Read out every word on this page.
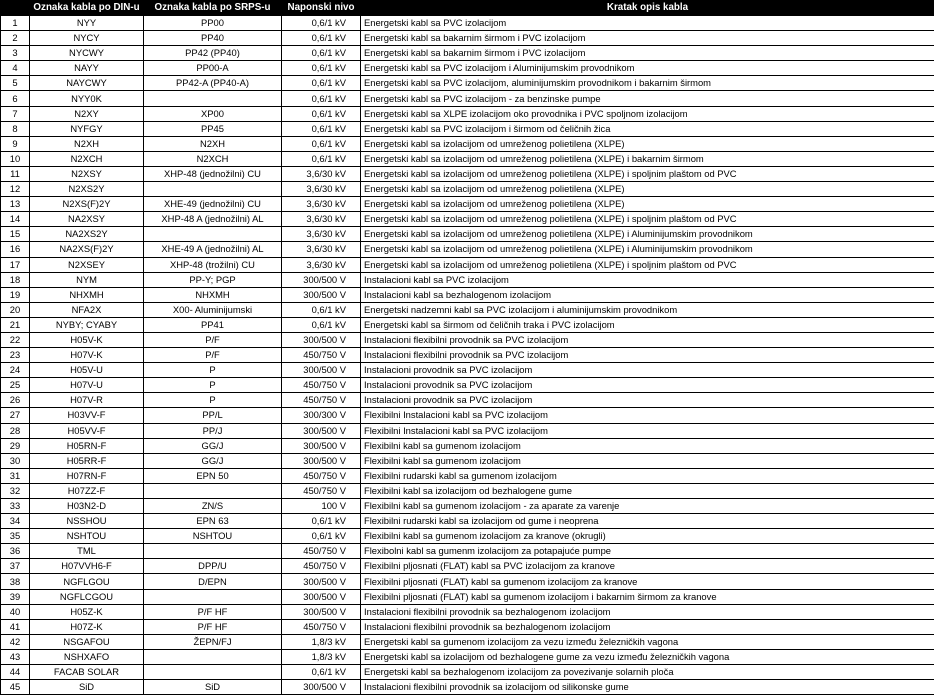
	Oznaka kabla po DIN-u	Oznaka kabla po SRPS-u	Naponski nivo	Kratak opis kabla
1	NYY	PP00	0,6/1 kV	Energetski kabl sa PVC izolacijom
2	NYCY	PP40	0,6/1 kV	Energetski kabl sa bakarnim širmom i PVC izolacijom
3	NYCWY	PP42 (PP40)	0,6/1 kV	Energetski kabl sa bakarnim širmom i PVC izolacijom
4	NAYY	PP00-A	0,6/1 kV	Energetski kabl sa PVC izolacijom i Aluminijumskim provodnikom
5	NAYCWY	PP42-A (PP40-A)	0,6/1 kV	Energetski kabl sa PVC izolacijom, aluminijumskim provodnikom i bakarnim širmom
6	NYY0K		0,6/1 kV	Energetski kabl sa PVC izolacijom - za benzinske pumpe
7	N2XY	XP00	0,6/1 kV	Energetski kabl sa XLPE izolacijom oko provodnika i PVC spoljnom izolacijom
8	NYFGY	PP45	0,6/1 kV	Energetski kabl sa PVC izolacijom i širmom od čeličnih žica
9	N2XH	N2XH	0,6/1 kV	Energetski kabl sa izolacijom od umreženog polietilena (XLPE)
10	N2XCH	N2XCH	0,6/1 kV	Energetski kabl sa izolacijom od umreženog polietilena (XLPE) i bakarnim širmom
11	N2XSY	XHP-48 (jednožilni) CU	3,6/30 kV	Energetski kabl sa izolacijom od umreženog polietilena (XLPE) i spoljnim plaštom od PVC
12	N2XS2Y		3,6/30 kV	Energetski kabl sa izolacijom od umreženog polietilena (XLPE)
13	N2XS(F)2Y	XHE-49 (jednožilni) CU	3,6/30 kV	Energetski kabl sa izolacijom od umreženog polietilena (XLPE)
14	NA2XSY	XHP-48 A (jednožilni) AL	3,6/30 kV	Energetski kabl sa izolacijom od umreženog polietilena (XLPE) i spoljnim plaštom od PVC
15	NA2XS2Y		3,6/30 kV	Energetski kabl sa izolacijom od umreženog polietilena (XLPE) i Aluminijumskim provodnikom
16	NA2XS(F)2Y	XHE-49 A (jednožilni) AL	3,6/30 kV	Energetski kabl sa izolacijom od umreženog polietilena (XLPE) i Aluminijumskim provodnikom
17	N2XSEY	XHP-48 (trožilni) CU	3,6/30 kV	Energetski kabl sa izolacijom od umreženog polietilena (XLPE) i spoljnim plaštom od PVC
18	NYM	PP-Y; PGP	300/500 V	Instalacioni kabl sa PVC izolacijom
19	NHXMH	NHXMH	300/500 V	Instalacioni kabl sa bezhalogenom izolacijom
20	NFA2X	X00- Aluminijumski	0,6/1 kV	Energetski nadzemni kabl sa PVC izolacijom i aluminijumskim provodnikom
21	NYBY; CYABY	PP41	0,6/1 kV	Energetski kabl sa širmom od čeličnih traka i PVC izolacijom
22	H05V-K	P/F	300/500 V	Instalacioni flexibilni provodnik sa PVC izolacijom
23	H07V-K	P/F	450/750 V	Instalacioni flexibilni provodnik sa PVC izolacijom
24	H05V-U	P	300/500 V	Instalacioni provodnik sa PVC izolacijom
25	H07V-U	P	450/750 V	Instalacioni provodnik sa PVC izolacijom
26	H07V-R	P	450/750 V	Instalacioni provodnik sa PVC izolacijom
27	H03VV-F	PP/L	300/300 V	Flexibilni Instalacioni kabl sa PVC izolacijom
28	H05VV-F	PP/J	300/500 V	Flexibilni Instalacioni kabl sa PVC izolacijom
29	H05RN-F	GG/J	300/500 V	Flexibilni kabl sa gumenom izolacijom
30	H05RR-F	GG/J	300/500 V	Flexibilni kabl sa gumenom izolacijom
31	H07RN-F	EPN 50	450/750 V	Flexibilni rudarski kabl sa gumenom izolacijom
32	H07ZZ-F		450/750 V	Flexibilni kabl sa izolacijom od bezhalogene gume
33	H03N2-D	ZN/S	100 V	Flexibilni kabl sa gumenom izolacijom - za aparate za varenje
34	NSSHOU	EPN 63	0,6/1 kV	Flexibilni rudarski kabl sa izolacijom od gume i neoprena
35	NSHTOU	NSHTOU	0,6/1 kV	Flexibilni kabl sa gumenom izolacijom za kranove (okrugli)
36	TML		450/750 V	Flexibolni kabl sa gumenm izolacijom za potapajuće pumpe
37	H07VVH6-F	DPP/U	450/750 V	Flexibilni pljosnati (FLAT) kabl sa PVC izolacijom za kranove
38	NGFLGOU	D/EPN	300/500 V	Flexibilni pljosnati (FLAT) kabl sa gumenom izolacijom za kranove
39	NGFLCGOU		300/500 V	Flexibilni pljosnati (FLAT) kabl sa gumenom izolacijom i bakarnim širmom za kranove
40	H05Z-K	P/F HF	300/500 V	Instalacioni flexibilni provodnik sa bezhalogenom izolacijom
41	H07Z-K	P/F HF	450/750 V	Instalacioni flexibilni provodnik sa bezhalogenom izolacijom
42	NSGAFOU	ŽEPN/FJ	1,8/3 kV	Energetski kabl sa gumenom izolacijom za vezu između železničkih vagona
43	NSHXAFO		1,8/3 kV	Energetski kabl sa izolacijom od bezhalogene gume za vezu između železničkih vagona
44	FACAB SOLAR		0,6/1 kV	Energetski kabl sa bezhalogenom izolacijom za povezivanje solarnih ploča
45	SiD	SiD	300/500 V	Instalacioni flexibilni provodnik sa izolacijom od silikonske gume
